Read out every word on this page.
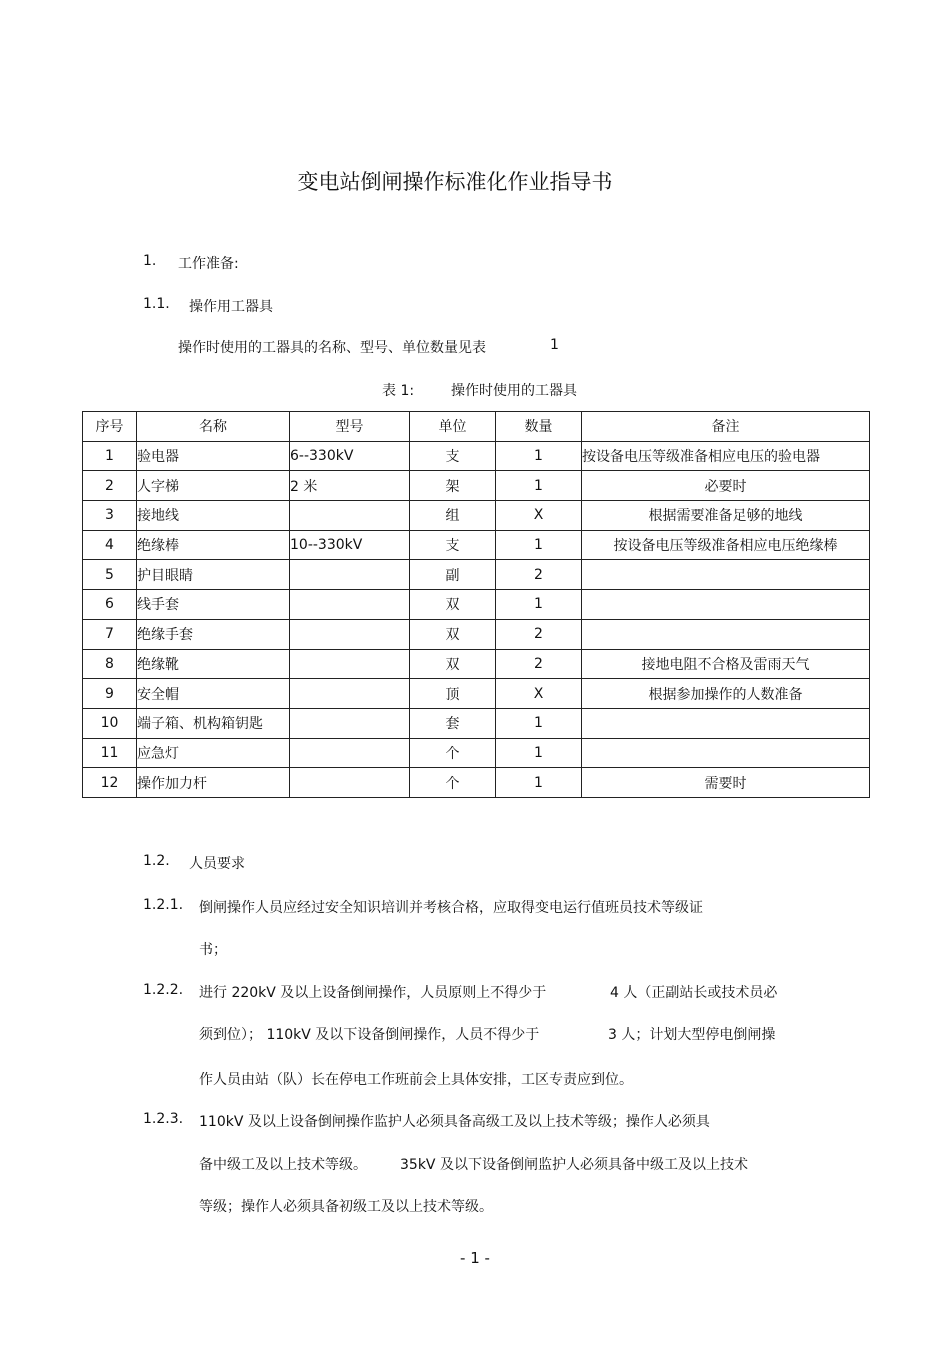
变电站倒闸操作标准化作业指导书
1. 工作准备:
1.1. 操作用工器具
操作时使用的工器具的名称、型号、单位数量见表	1
表 1:	操作时使用的工器具
序号	名称	型号	单位	数量	备注
1	验电器	6--330kV	支	1	按设备电压等级准备相应电压的验电器
2	人字梯	2 米	架	1	必要时
3	接地线		组	X	根据需要准备足够的地线
4	绝缘棒	10--330kV	支	1	按设备电压等级准备相应电压绝缘棒
5	护目眼睛		副	2	
6	线手套		双	1	
7	绝缘手套		双	2	
8	绝缘靴		双	2	接地电阻不合格及雷雨天气
9	安全帽		顶	X	根据参加操作的人数准备
10	端子箱、机构箱钥匙		套	1	
11	应急灯		个	1	
12	操作加力杆		个	1	需要时
1.2. 人员要求
1.2.1. 倒闸操作人员应经过安全知识培训并考核合格，应取得变电运行值班员技术等级证
书；
1.2.2. 进行 220kV 及以上设备倒闸操作，人员原则上不得少于	4 人（正副站长或技术员必
须到位）； 110kV 及以下设备倒闸操作，人员不得少于	3 人；计划大型停电倒闸操
作人员由站（队）长在停电工作班前会上具体安排，工区专责应到位。
1.2.3. 110kV 及以上设备倒闸操作监护人必须具备高级工及以上技术等级；操作人必须具
备中级工及以上技术等级。 35kV 及以下设备倒闸监护人必须具备中级工及以上技术
等级；操作人必须具备初级工及以上技术等级。
- 1 -
